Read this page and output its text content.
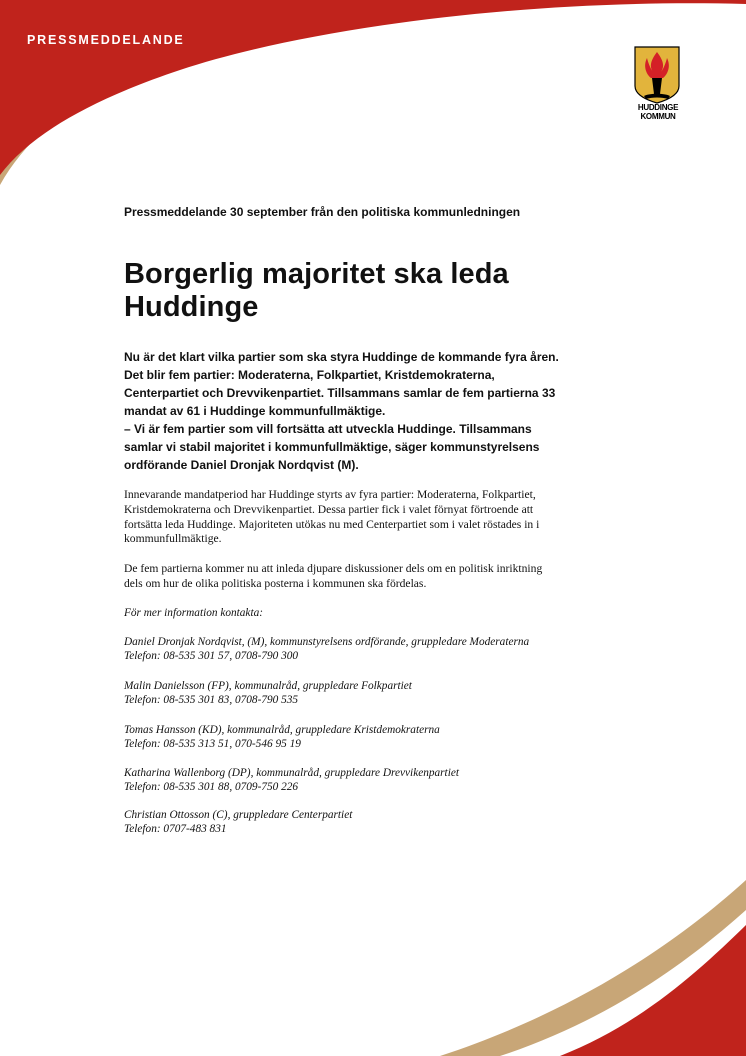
PRESSMEDDELANDE
HUDDINGE
KOMMUN
Pressmeddelande 30 september från den politiska kommunledningen
Borgerlig majoritet ska leda
Huddinge

Nu är det klart vilka partier som ska styra Huddinge de kommande fyra åren.

Det blir fem partier: Moderaterna, Folkpartiet, Kristdemokraterna,

Centerpartiet och Drevvikenpartiet. Tillsammans samlar de fem partierna 33

mandat av 61 i Huddinge kommunfullmäktige.

– Vi är fem partier som vill fortsätta att utveckla Huddinge. Tillsammans

samlar vi stabil majoritet i kommunfullmäktige, säger kommunstyrelsens

ordförande Daniel Dronjak Nordqvist (M).

Innevarande mandatperiod har Huddinge styrts av fyra partier: Moderaterna, Folkpartiet,

Kristdemokraterna och Drevvikenpartiet. Dessa partier fick i valet förnyat förtroende att

fortsätta leda Huddinge. Majoriteten utökas nu med Centerpartiet som i valet röstades in i

kommunfullmäktige.

De fem partierna kommer nu att inleda djupare diskussioner dels om en politisk inriktning

dels om hur de olika politiska posterna i kommunen ska fördelas.

För mer information kontakta:
Daniel Dronjak Nordqvist, (M), kommunstyrelsens ordförande, gruppledare Moderaterna
Telefon: 08-535 301 57, 0708-790 300
Malin Danielsson (FP), kommunalråd, gruppledare Folkpartiet
Telefon: 08-535 301 83, 0708-790 535
Tomas Hansson (KD), kommunalråd, gruppledare Kristdemokraterna
Telefon: 08-535 313 51, 070-546 95 19
Katharina Wallenborg (DP), kommunalråd, gruppledare Drevvikenpartiet
Telefon: 08-535 301 88, 0709-750 226
Christian Ottosson (C), gruppledare Centerpartiet
Telefon: 0707-483 831
